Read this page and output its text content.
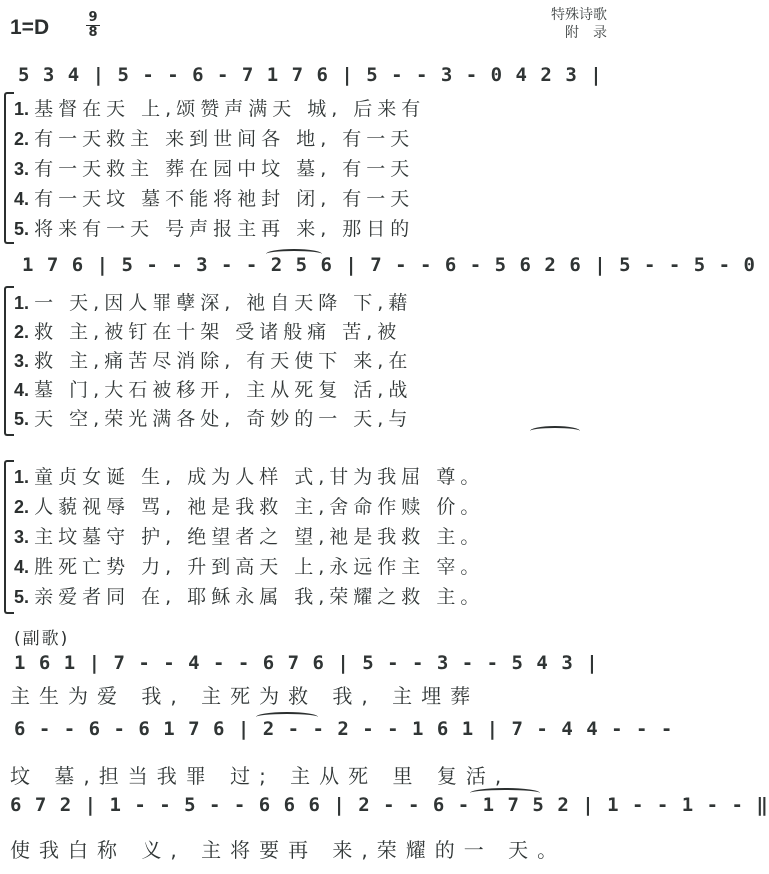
1=D	9
8
特殊诗歌
附　录
5 3 4 | 5 - - 6 - 7 1 7 6 | 5 - - 3 - 0 4 2 3 |
1. 基督在天 上,颂赞声满天 城, 后来有
2. 有一天救主 来到世间各 地, 有一天
3. 有一天救主 葬在园中坟 墓, 有一天
4. 有一天坟 墓不能将祂封 闭, 有一天
5. 将来有一天 号声报主再 来, 那日的
1 7 6 | 5 - - 3 - - 2 5 6 | 7 - - 6 - 5 6 2 6 | 5 - - 5 - 0
1. 一 天,因人罪孽深, 祂自天降 下,藉
2. 救 主,被钉在十架 受诸般痛 苦,被
3. 救 主,痛苦尽消除, 有天使下 来,在
4. 墓 门,大石被移开, 主从死复 活,战
5. 天 空,荣光满各处, 奇妙的一 天,与
1. 童贞女诞 生, 成为人样 式,甘为我屈 尊。
2. 人藐视辱 骂, 祂是我救 主,舍命作赎 价。
3. 主坟墓守 护, 绝望者之 望,祂是我救 主。
4. 胜死亡势 力, 升到高天 上,永远作主 宰。
5. 亲爱者同 在, 耶稣永属 我,荣耀之救 主。
(副歌)
1 6 1 | 7 - - 4 - - 6 7 6 | 5 - - 3 - - 5 4 3 |
主生为爱 我, 主死为救 我, 主埋葬
6 - - 6 - 6 1 7 6 | 2 - - 2 - - 1 6 1 | 7 - 4 4 - - -
坟 墓,担当我罪 过; 主从死 里 复活,
6 7 2 | 1 - - 5 - - 6 6 6 | 2 - - 6 - 1 7 5 2 | 1 - - 1 - - ‖
使我白称 义, 主将要再 来,荣耀的一 天。
